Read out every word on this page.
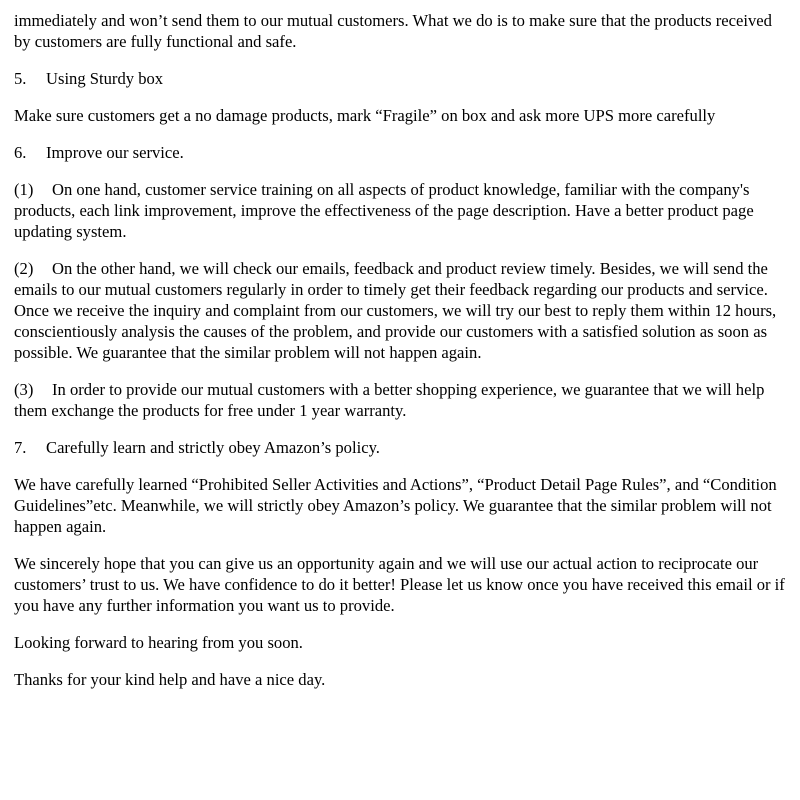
immediately and won’t send them to our mutual customers. What we do is to make sure that the products received by customers are fully functional and safe.

5. Using Sturdy box

Make sure customers get a no damage products, mark “Fragile” on box and ask more UPS more carefully

6. Improve our service.

(1) On one hand, customer service training on all aspects of product knowledge, familiar with the company's products, each link improvement, improve the effectiveness of the page description. Have a better product page updating system.

(2) On the other hand, we will check our emails, feedback and product review timely. Besides, we will send the emails to our mutual customers regularly in order to timely get their feedback regarding our products and service. Once we receive the inquiry and complaint from our customers, we will try our best to reply them within 12 hours, conscientiously analysis the causes of the problem, and provide our customers with a satisfied solution as soon as possible. We guarantee that the similar problem will not happen again.

(3) In order to provide our mutual customers with a better shopping experience, we guarantee that we will help them exchange the products for free under 1 year warranty.

7. Carefully learn and strictly obey Amazon’s policy.

We have carefully learned “Prohibited Seller Activities and Actions”, “Product Detail Page Rules”, and “Condition Guidelines”etc. Meanwhile, we will strictly obey Amazon’s policy. We guarantee that the similar problem will not happen again.

We sincerely hope that you can give us an opportunity again and we will use our actual action to reciprocate our customers’ trust to us. We have confidence to do it better! Please let us know once you have received this email or if you have any further information you want us to provide.

Looking forward to hearing from you soon.

Thanks for your kind help and have a nice day.
